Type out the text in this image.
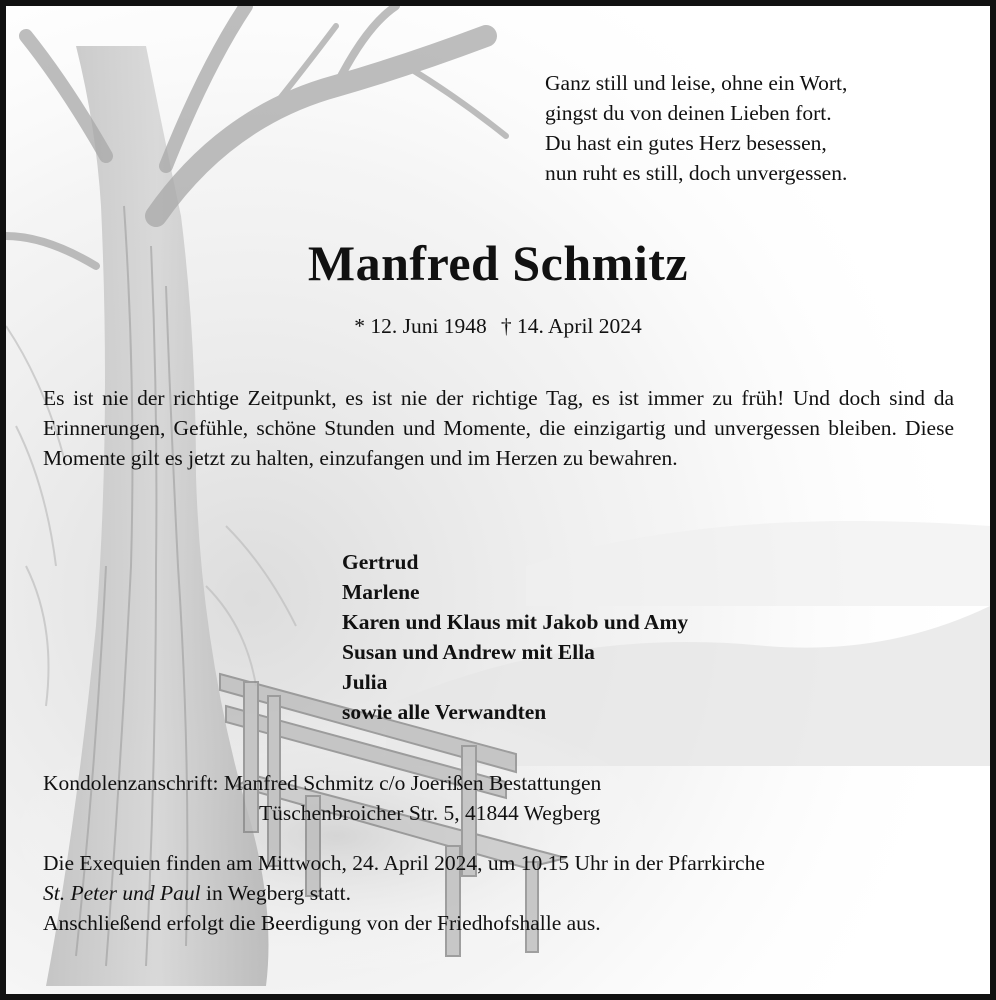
Ganz still und leise, ohne ein Wort,
gingst du von deinen Lieben fort.
Du hast ein gutes Herz besessen,
nun ruht es still, doch unvergessen.
Manfred Schmitz
* 12. Juni 1948 † 14. April 2024
Es ist nie der richtige Zeitpunkt, es ist nie der richtige Tag, es ist immer zu früh! Und doch sind da Erinnerungen, Gefühle, schöne Stunden und Momente, die einzigartig und unvergessen bleiben. Diese Momente gilt es jetzt zu halten, einzufangen und im Herzen zu bewahren.
Gertrud
Marlene
Karen und Klaus mit Jakob und Amy
Susan und Andrew mit Ella
Julia
sowie alle Verwandten
Kondolenzanschrift: Manfred Schmitz c/o Joerißen Bestattungen
Tüschenbroicher Str. 5, 41844 Wegberg
Die Exequien finden am Mittwoch, 24. April 2024, um 10.15 Uhr in der Pfarrkirche
St. Peter und Paul in Wegberg statt.
Anschließend erfolgt die Beerdigung von der Friedhofshalle aus.
